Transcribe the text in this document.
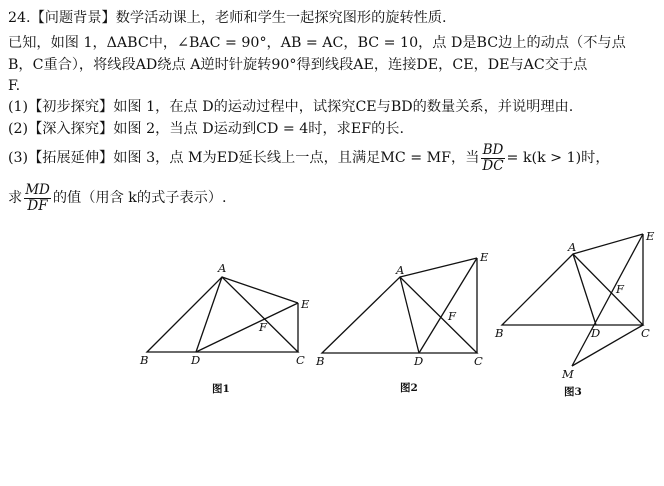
24.【问题背景】数学活动课上，老师和学生一起探究图形的旋转性质.
已知，如图 1，ΔABC中，∠BAC = 90°，AB = AC，BC = 10，点 D是BC边上的动点（不与点
B，C重合），将线段AD绕点 A逆时针旋转90°得到线段AE，连接DE，CE，DE与AC交于点
F.
(1)【初步探究】如图 1，在点 D的运动过程中，试探究CE与BD的数量关系，并说明理由.
(2)【深入探究】如图 2，当点 D运动到CD = 4时，求EF的长.
(3)【拓展延伸】如图 3，点 M为ED延长线上一点，且满足MC = MF，当 $\frac{BD}{DC} = k(k > 1)$时，
求 $\frac{MD}{DF}$ 的值（用含 k的式子表示）.
A
B	C
D
E
F
图1
A
B	C
D
E
F
图2
A
B	C
D
E
F
M
图3
